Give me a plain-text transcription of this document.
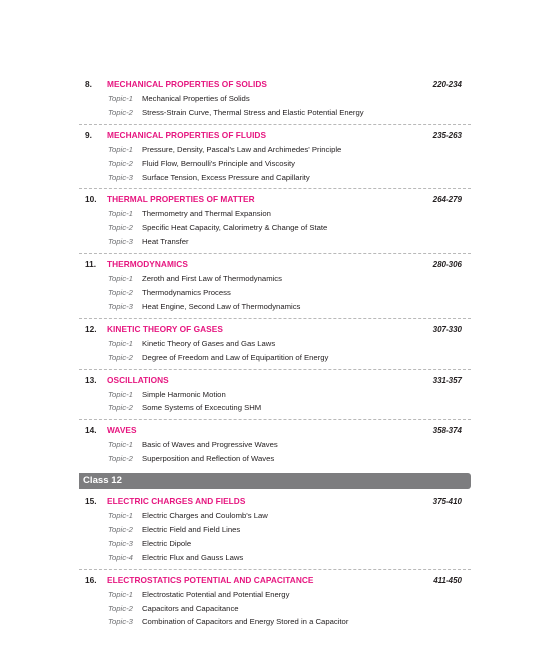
8. MECHANICAL PROPERTIES OF SOLIDS	220-234
Topic-1 Mechanical Properties of Solids
Topic-2 Stress-Strain Curve, Thermal Stress and Elastic Potential Energy
9. MECHANICAL PROPERTIES OF FLUIDS	235-263
Topic-1 Pressure, Density, Pascal's Law and Archimedes' Principle
Topic-2 Fluid Flow, Bernoulli's Principle and Viscosity
Topic-3 Surface Tension, Excess Pressure and Capillarity
10. THERMAL PROPERTIES OF MATTER	264-279
Topic-1 Thermometry and Thermal Expansion
Topic-2 Specific Heat Capacity, Calorimetry & Change of State
Topic-3 Heat Transfer
11. THERMODYNAMICS	280-306
Topic-1 Zeroth and First Law of Thermodynamics
Topic-2 Thermodynamics Process
Topic-3 Heat Engine, Second Law of Thermodynamics
12. KINETIC THEORY OF GASES	307-330
Topic-1 Kinetic Theory of Gases and Gas Laws
Topic-2 Degree of Freedom and Law of Equipartition of Energy
13. OSCILLATIONS	331-357
Topic-1 Simple Harmonic Motion
Topic-2 Some Systems of Excecuting SHM
14. WAVES	358-374
Topic-1 Basic of Waves and Progressive Waves
Topic-2 Superposition and Reflection of Waves
Class 12
15. ELECTRIC CHARGES AND FIELDS	375-410
Topic-1 Electric Charges and Coulomb's Law
Topic-2 Electric Field and Field Lines
Topic-3 Electric Dipole
Topic-4 Electric Flux and Gauss Laws
16. ELECTROSTATICS POTENTIAL AND CAPACITANCE	411-450
Topic-1 Electrostatic Potential and Potential Energy
Topic-2 Capacitors and Capacitance
Topic-3 Combination of Capacitors and Energy Stored in a Capacitor
